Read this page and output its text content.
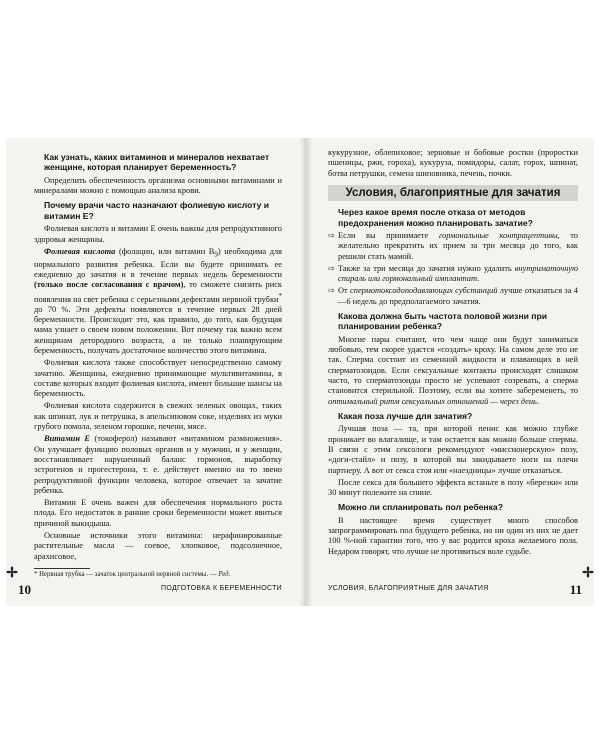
Как узнать, каких витаминов и минералов нехватает женщине, которая планирует беременность?

Определить обеспеченность организма основными витаминами и минералами можно с помощью анализа крови.

Почему врачи часто назначают фолиевую кислоту и витамин Е?

Фолиевая кислота и витамин Е очень важны для репродуктивного здоровья женщины.

Фолиевая кислота (фолацин, или витамин $B_9$) необходима для нормального развития ребенка. Если вы будете принимать ее ежедневно до зачатия и в течение первых недель беременности (только после согласования с врачом), то сможете снизить риск появления на свет ребенка с серьезными дефектами нервной трубки* до 70 %. Эти дефекты появляются в течение первых 28 дней беременности. Происходит это, как правило, до того, как будущая мама узнает о своем новом положении. Вот почему так важно всем женщинам детородного возраста, а не только планирующим беременность, получать достаточное количество этого витамина.

Фолиевая кислота также способствует непосредственно самому зачатию. Женщины, ежедневно принимающие мультивитамины, в составе которых входит фолиевая кислота, имеют большие шансы на беременность.

Фолиевая кислота содержится в свежих зеленых овощах, таких как шпинат, лук и петрушка, в апельсиновом соке, изделиях из муки грубого помола, зеленом горошке, печени, мясе.

Витамин Е (токоферол) называют «витамином размножения». Он улучшает функцию половых органов и у мужчин, и у женщин, восстанавливает нарушенный баланс гормонов, выработку эстрогенов и прогестерона, т. е. действует именно на то звено репродуктивной функции человека, которое отвечает за зачатие ребенка.

Витамин Е очень важен для обеспечения нормального роста плода. Его недостаток в ранние сроки беременности может явиться причиной выкидыша.

Основные источники этого витамина: нерафинированные растительные масла — соевое, хлопковое, подсолнечное, арахисовое,

* Нервная трубка — зачаток центральной нервной системы. — Ред.

10	ПОДГОТОВКА К БЕРЕМЕННОСТИ

кукурузное, облепиховое; зерновые и бобовые ростки (проростки пшеницы, ржи, гороха), кукуруза, помидоры, салат, горох, шпинат, ботва петрушки, семена шиповника, печень, почки.

Условия, благоприятные для зачатия
Через какое время после отказа от методов предохранения можно планировать зачатие?

⇨ Если вы принимаете гормональные контрацептивы, то желательно прекратить их прием за три месяца до того, как решили стать мамой.

⇨ Также за три месяца до зачатия нужно удалить внутриматочную спираль или гормональный имплантат.

⇨ От спермотоксодоподавляющих субстанций лучше отказаться за 4—6 недель до предполагаемого зачатия.

Какова должна быть частота половой жизни при планировании ребенка?

Многие пары считают, что чем чаще они будут заниматься любовью, тем скорее удастся «создать» кроху. На самом деле это не так. Сперма состоит из семенной жидкости и плавающих в ней сперматозоидов. Если сексуальные контакты происходят слишком часто, то сперматозоиды просто не успевают созревать, а сперма становится стерильной. Поэтому, если вы хотите забеременеть, то оптимальный ритм сексуальных отношений — через день.

Какая поза лучше для зачатия?

Лучшая поза — та, при которой пенис как можно глубже проникает во влагалище, и там остается как можно больше спермы. В связи с этим сексологи рекомендуют «миссионерскую» позу, «доги-стайл» и позу, в которой вы закидываете ноги на плечи партнеру. А вот от секса стоя или «наездницы» лучше отказаться.

После секса для большего эффекта встаньте в позу «березки» или 30 минут полежите на спине.

Можно ли спланировать пол ребенка?

В настоящее время существует много способов запрограммировать пол будущего ребенка, но ни один из них не дает 100 %-ной гарантии того, что у вас родится кроха желаемого пола. Недаром говорят, что лучше не противиться воле судьбе.

УСЛОВИЯ, БЛАГОПРИЯТНЫЕ ДЛЯ ЗАЧАТИЯ	11
